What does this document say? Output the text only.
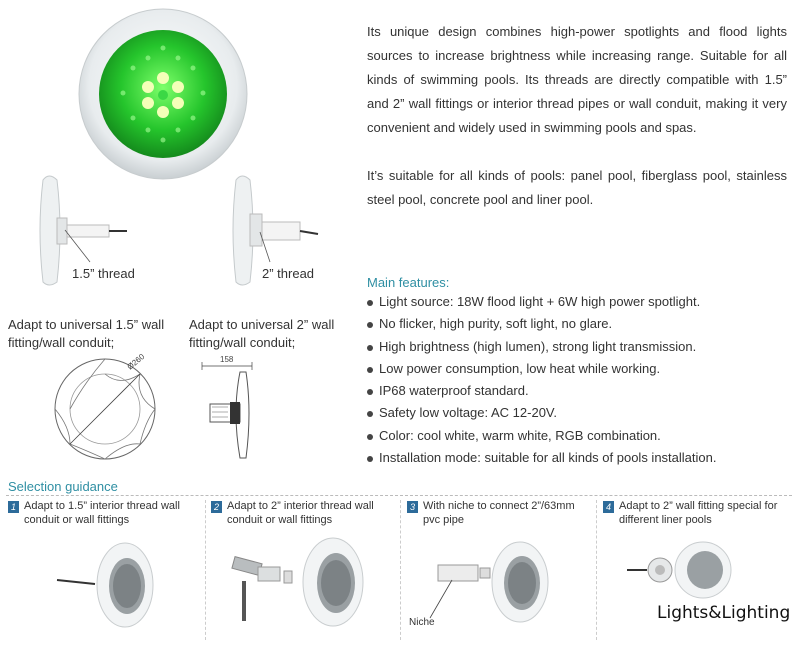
1.5” thread	2” thread
Adapt to universal 1.5” wall fitting/wall conduit;
Adapt to universal 2” wall fitting/wall conduit;
Ø260	158

Its unique design combines high-power spotlights and flood lights sources to increase brightness while increasing range. Suitable for all kinds of swimming pools. Its threads are directly compatible with 1.5” and 2” wall fittings or interior thread pipes or wall conduit, making it very convenient and widely used in swimming pools and spas.

It’s suitable for all kinds of pools: panel pool, fiberglass pool, stainless steel pool, concrete pool and liner pool.

Main features:
Light source: 18W flood light + 6W high power spotlight.
No flicker, high purity, soft light, no glare.
High brightness (high lumen), strong light transmission.
Low power consumption, low heat while working.
IP68 waterproof standard.
Safety low voltage: AC 12-20V.
Color: cool white, warm white, RGB combination.
Installation mode: suitable for all kinds of pools installation.
Selection guidance
1 Adapt to 1.5” interior thread wall conduit or wall fittings
2 Adapt to 2” interior thread wall conduit or wall fittings
3 With niche to connect 2”/63mm pvc pipe
4 Adapt to 2” wall fitting special for different liner pools
Niche	Lights&Lighting
